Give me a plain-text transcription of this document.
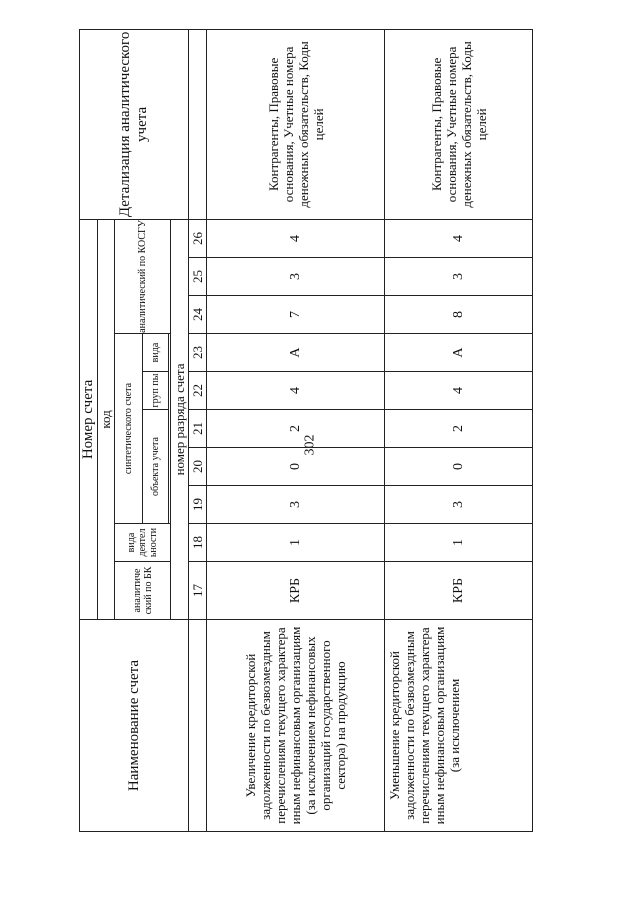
302
Наименование счета	Номер счета										Детализация аналитического учета
	код										
	аналитиче ский по БК	вида деятел ьности	синтетического счета					аналитический по КОСГУ			
			объекта учета			груп пы	вида				

	номер разряда счета										
	17	18	19	20	21	22	23	24	25	26	
Увеличение кредиторской задолженности по безвозмездным перечислениям текущего характера иным нефинансовым организациям (за исключением нефинансовых организаций государственного сектора) на продукцию	КРБ	1	3	0	2	4	А	7	3	4	Контрагенты, Правовые основания, Учетные номера денежных обязательств, Коды целей

Уменьшение кредиторской задолженности по безвозмездным перечислениям текущего характера иным нефинансовым организациям (за исключением	КРБ	1	3	0	2	4	А	8	3	4	Контрагенты, Правовые основания, Учетные номера денежных обязательств, Коды целей
